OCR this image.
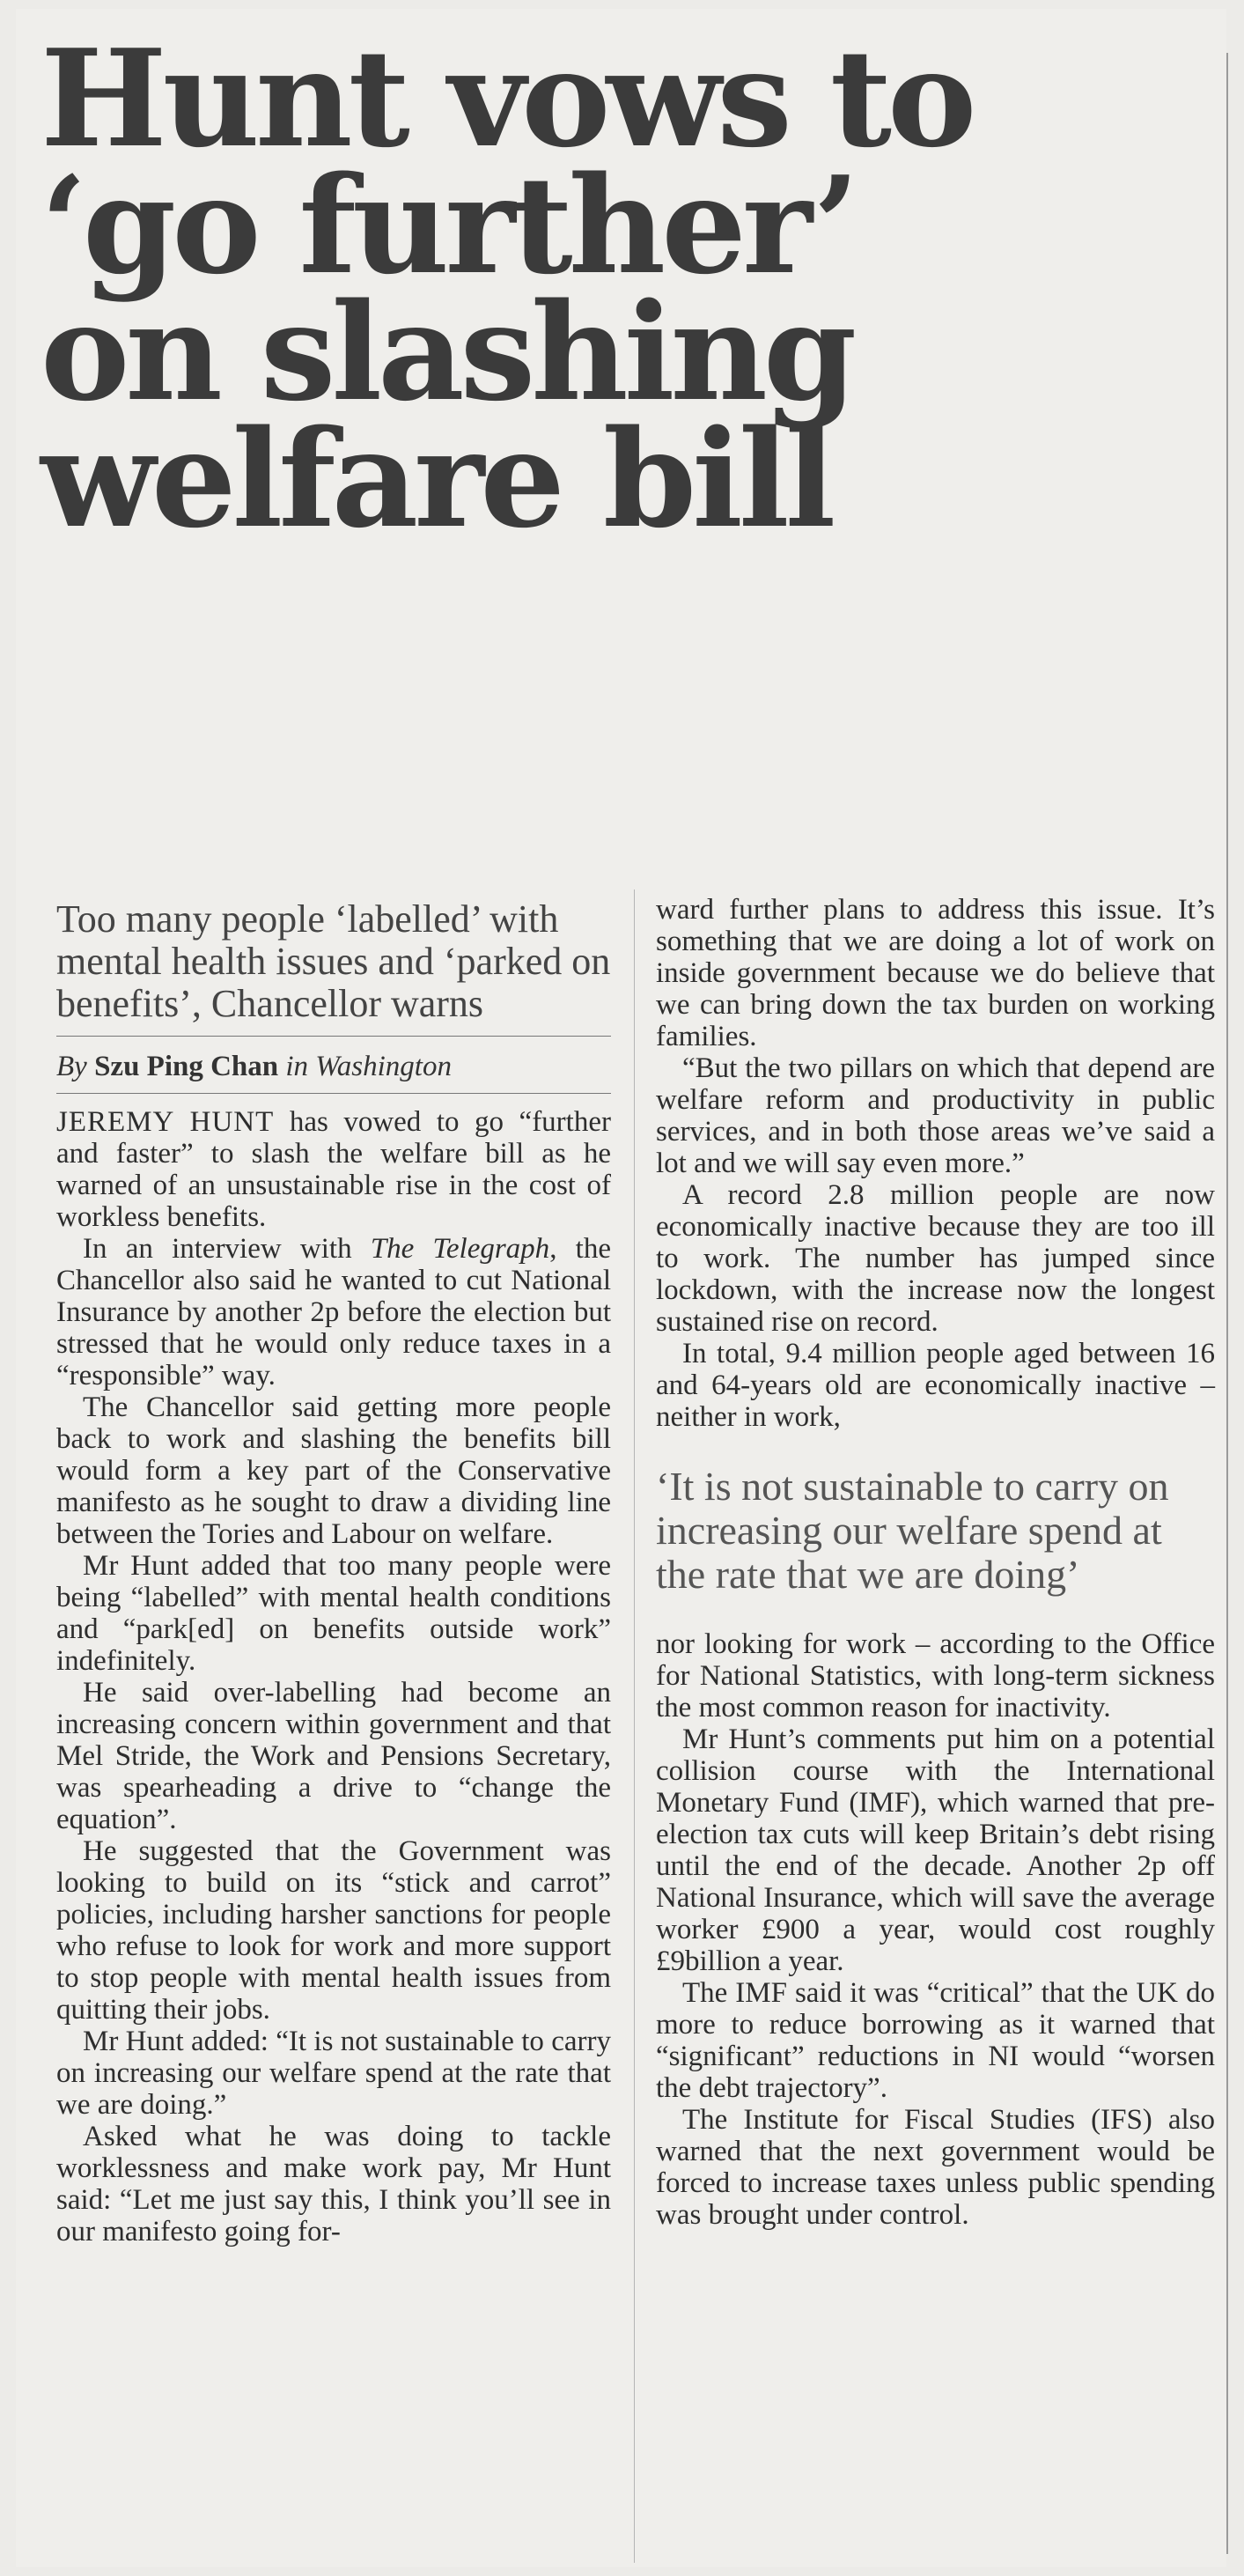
Hunt vows to
‘go further’
on slashing
welfare bill
Too many people ‘labelled’ with mental health issues and ‘parked on benefits’, Chancellor warns
By Szu Ping Chan in Washington

JEREMY HUNT has vowed to go “further and faster” to slash the welfare bill as he warned of an unsustainable rise in the cost of workless benefits.

In an interview with The Telegraph, the Chancellor also said he wanted to cut National Insurance by another 2p before the election but stressed that he would only reduce taxes in a “responsible” way.

The Chancellor said getting more people back to work and slashing the benefits bill would form a key part of the Conservative manifesto as he sought to draw a dividing line between the Tories and Labour on welfare.

Mr Hunt added that too many people were being “labelled” with mental health conditions and “park[ed] on benefits outside work” indefinitely.

He said over-labelling had become an increasing concern within government and that Mel Stride, the Work and Pensions Secretary, was spearheading a drive to “change the equation”.

He suggested that the Government was looking to build on its “stick and carrot” policies, including harsher sanctions for people who refuse to look for work and more support to stop people with mental health issues from quitting their jobs.

Mr Hunt added: “It is not sustainable to carry on increasing our welfare spend at the rate that we are doing.”

Asked what he was doing to tackle worklessness and make work pay, Mr Hunt said: “Let me just say this, I think you’ll see in our manifesto going for-

ward further plans to address this issue. It’s something that we are doing a lot of work on inside government because we do believe that we can bring down the tax burden on working families.

“But the two pillars on which that depend are welfare reform and productivity in public services, and in both those areas we’ve said a lot and we will say even more.”

A record 2.8 million people are now economically inactive because they are too ill to work. The number has jumped since lockdown, with the increase now the longest sustained rise on record.

In total, 9.4 million people aged between 16 and 64-years old are economically inactive – neither in work,

‘It is not sustainable to carry on increasing our welfare spend at the rate that we are doing’

nor looking for work – according to the Office for National Statistics, with long-term sickness the most common reason for inactivity.

Mr Hunt’s comments put him on a potential collision course with the International Monetary Fund (IMF), which warned that pre-election tax cuts will keep Britain’s debt rising until the end of the decade. Another 2p off National Insurance, which will save the average worker £900 a year, would cost roughly £9billion a year.

The IMF said it was “critical” that the UK do more to reduce borrowing as it warned that “significant” reductions in NI would “worsen the debt trajectory”.

The Institute for Fiscal Studies (IFS) also warned that the next government would be forced to increase taxes unless public spending was brought under control.
